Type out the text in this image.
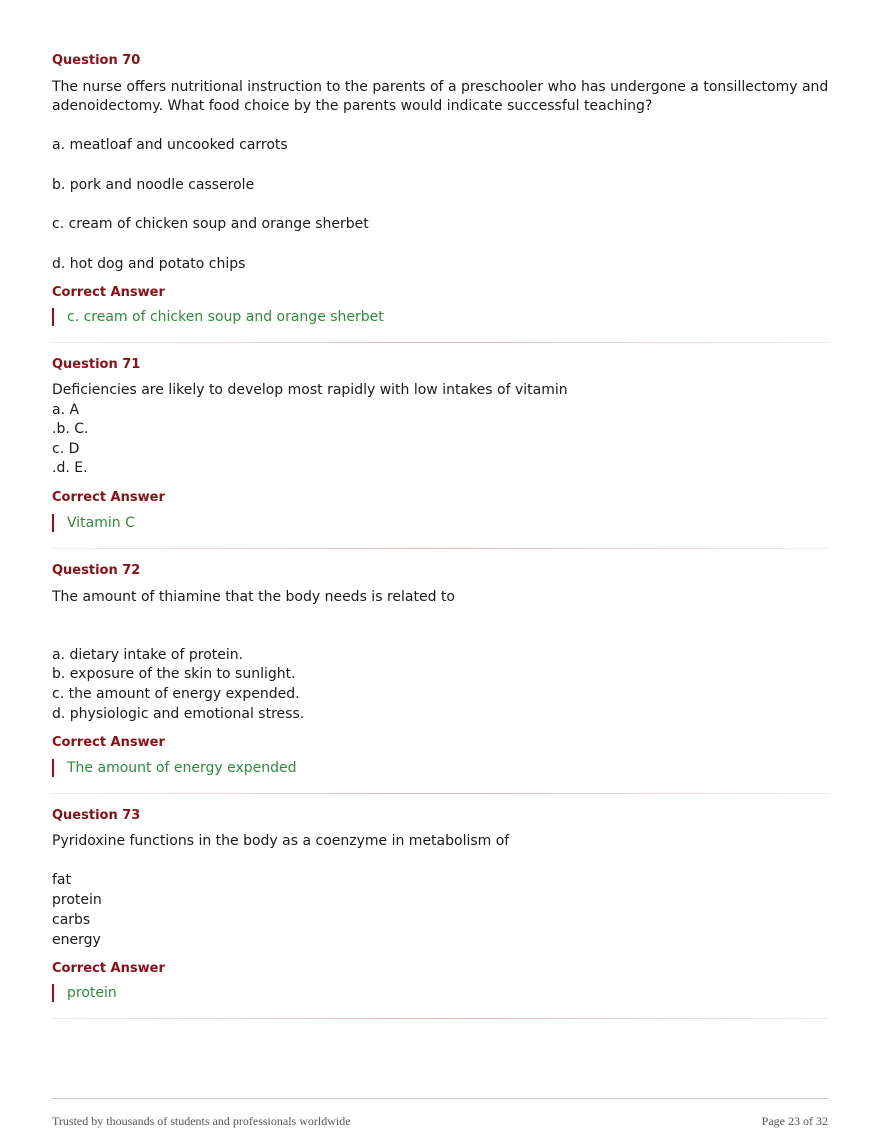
Question 70
The nurse offers nutritional instruction to the parents of a preschooler who has undergone a tonsillectomy and
adenoidectomy. What food choice by the parents would indicate successful teaching?
a. meatloaf and uncooked carrots
b. pork and noodle casserole
c. cream of chicken soup and orange sherbet
d. hot dog and potato chips
Correct Answer
c. cream of chicken soup and orange sherbet
Question 71
Deficiencies are likely to develop most rapidly with low intakes of vitamin
a. A
.b. C.
c. D
.d. E.
Correct Answer
Vitamin C
Question 72
The amount of thiamine that the body needs is related to
a. dietary intake of protein.
b. exposure of the skin to sunlight.
c. the amount of energy expended.
d. physiologic and emotional stress.
Correct Answer
The amount of energy expended
Question 73
Pyridoxine functions in the body as a coenzyme in metabolism of
fat
protein
carbs
energy
Correct Answer
protein
Trusted by thousands of students and professionals worldwide	Page 23 of 32
